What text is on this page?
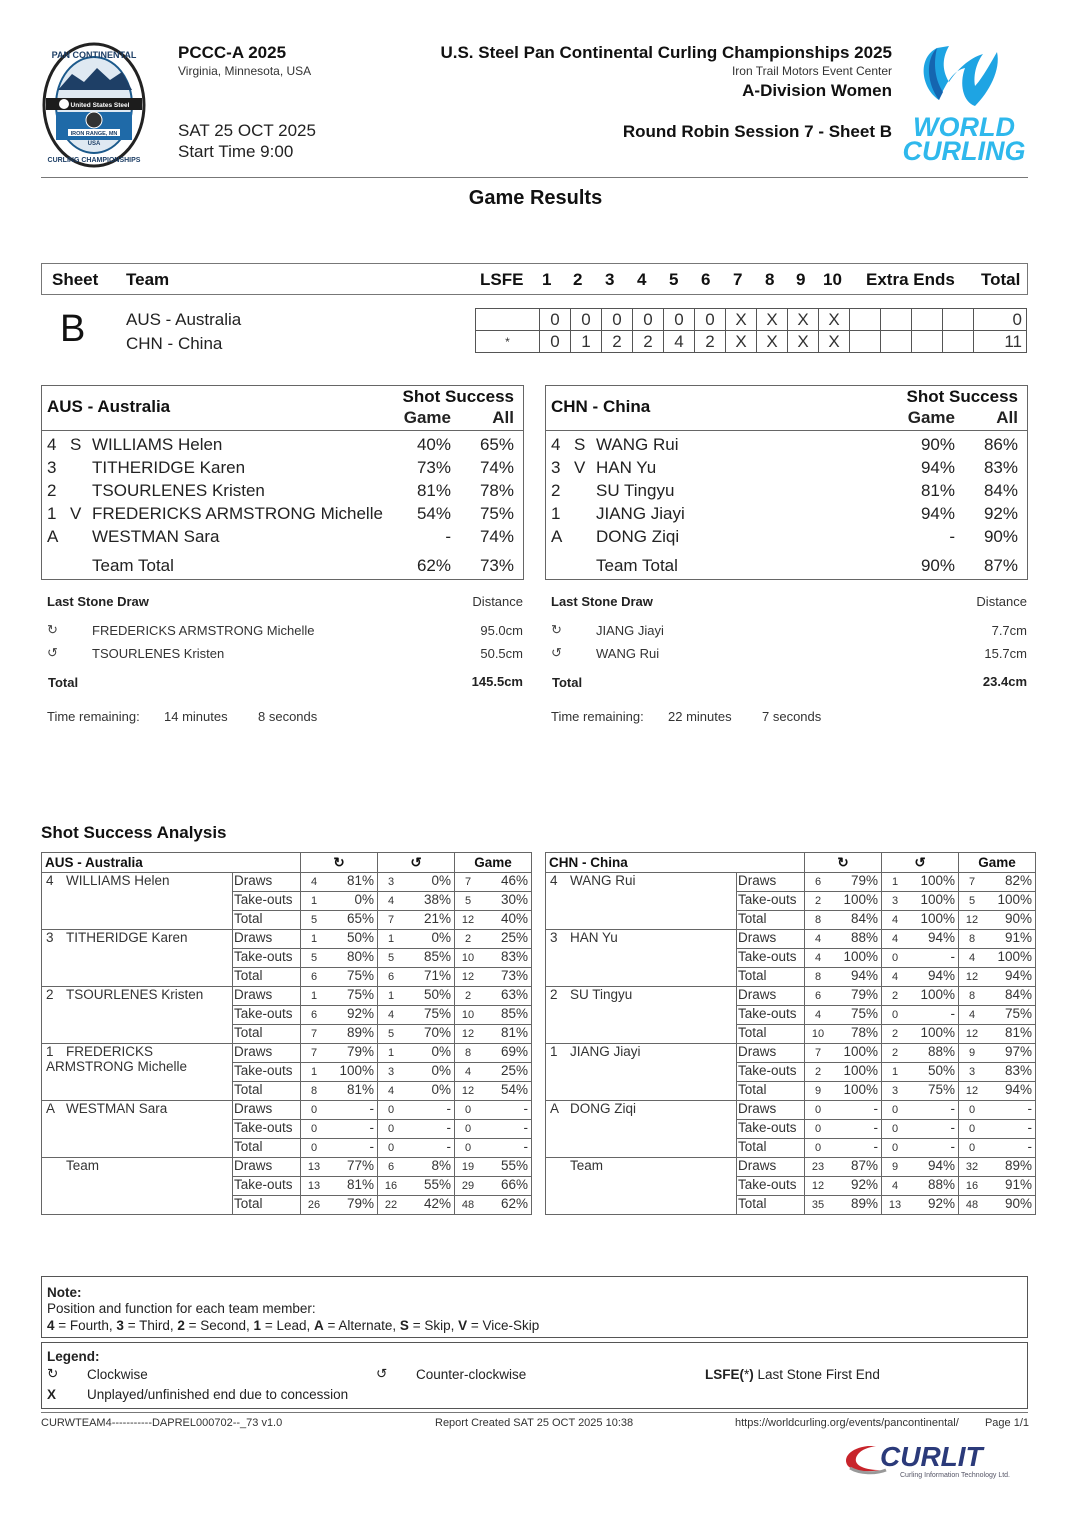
United States Steel
IRON RANGE, MN
USA
PAN CONTINENTAL
CURLING CHAMPIONSHIPS
PCCC-A 2025
Virginia, Minnesota, USA
SAT 25 OCT 2025
Start Time 9:00
U.S. Steel Pan Continental Curling Championships 2025
Iron Trail Motors Event Center
A-Division Women
Round Robin Session 7 - Sheet B WORLD
CURLING
Game Results
Sheet Team	LSFE 1 2 3 4 5 6 7 8 9 10 Extra Ends Total
B AUS - Australia
CHN - China
	0	0	0	0	0	0	X	X	X	X					0
*	0	1	2	2	4	2	X	X	X	X					11
AUS - Australia
Shot Success
Game All
4 S WILLIAMS Helen	40% 65%
3 TITHERIDGE Karen	73% 74%
2 TSOURLENES Kristen	81% 78%
1 V FREDERICKS ARMSTRONG Michelle 54% 75%
A WESTMAN Sara	- 74%
Team Total	62% 73%
CHN - China
Shot Success
Game All
4 S WANG Rui	90% 86%
3 V HAN Yu	94% 83%
2 SU Tingyu	81% 84%
1 JIANG Jiayi	94% 92%
A DONG Ziqi	- 90%
Team Total	90% 87%
Last Stone Draw	Distance
↻	FREDERICKS ARMSTRONG Michelle	95.0cm
↺	TSOURLENES Kristen	50.5cm
Total	145.5cm
Time remaining: 14 minutes 8 seconds
Last Stone Draw	Distance
↻	JIANG Jiayi	7.7cm
↺	WANG Rui	15.7cm
Total	23.4cm
Time remaining: 22 minutes 7 seconds
Shot Success Analysis
AUS - Australia		↻		↺		Game	
4 WILLIAMS Helen	Draws	4	81%	3	0%	7	46%
	Take-outs	1	0%	4	38%	5	30%
	Total	5	65%	7	21%	12	40%
3 TITHERIDGE Karen	Draws	1	50%	1	0%	2	25%
	Take-outs	5	80%	5	85%	10	83%
	Total	6	75%	6	71%	12	73%
2 TSOURLENES Kristen	Draws	1	75%	1	50%	2	63%
	Take-outs	6	92%	4	75%	10	85%
	Total	7	89%	5	70%	12	81%
1 FREDERICKS ARMSTRONG Michelle	Draws	7	79%	1	0%	8	69%
	Take-outs	1	100%	3	0%	4	25%
	Total	8	81%	4	0%	12	54%
A WESTMAN Sara	Draws	0	-	0	-	0	-
	Take-outs	0	-	0	-	0	-
	Total	0	-	0	-	0	-
Team	Draws	13	77%	6	8%	19	55%
	Take-outs	13	81%	16	55%	29	66%
	Total	26	79%	22	42%	48	62%
CHN - China		↻		↺		Game	
4 WANG Rui	Draws	6	79%	1	100%	7	82%
	Take-outs	2	100%	3	100%	5	100%
	Total	8	84%	4	100%	12	90%
3 HAN Yu	Draws	4	88%	4	94%	8	91%
	Take-outs	4	100%	0	-	4	100%
	Total	8	94%	4	94%	12	94%
2 SU Tingyu	Draws	6	79%	2	100%	8	84%
	Take-outs	4	75%	0	-	4	75%
	Total	10	78%	2	100%	12	81%
1 JIANG Jiayi	Draws	7	100%	2	88%	9	97%
	Take-outs	2	100%	1	50%	3	83%
	Total	9	100%	3	75%	12	94%
A DONG Ziqi	Draws	0	-	0	-	0	-
	Take-outs	0	-	0	-	0	-
	Total	0	-	0	-	0	-
Team	Draws	23	87%	9	94%	32	89%
	Take-outs	12	92%	4	88%	16	91%
	Total	35	89%	13	92%	48	90%
Note:
Position and function for each team member:
4 = Fourth, 3 = Third, 2 = Second, 1 = Lead, A = Alternate, S = Skip, V = Vice-Skip
Legend:
↻ Clockwise	↺ Counter-clockwise	LSFE(*) Last Stone First End
X Unplayed/unfinished end due to concession
CURWTEAM4-----------DAPREL000702--_73 v1.0	Report Created SAT 25 OCT 2025 10:38	https://worldcurling.org/events/pancontinental/ Page 1/1
CURLIT
Curling Information Technology Ltd.
